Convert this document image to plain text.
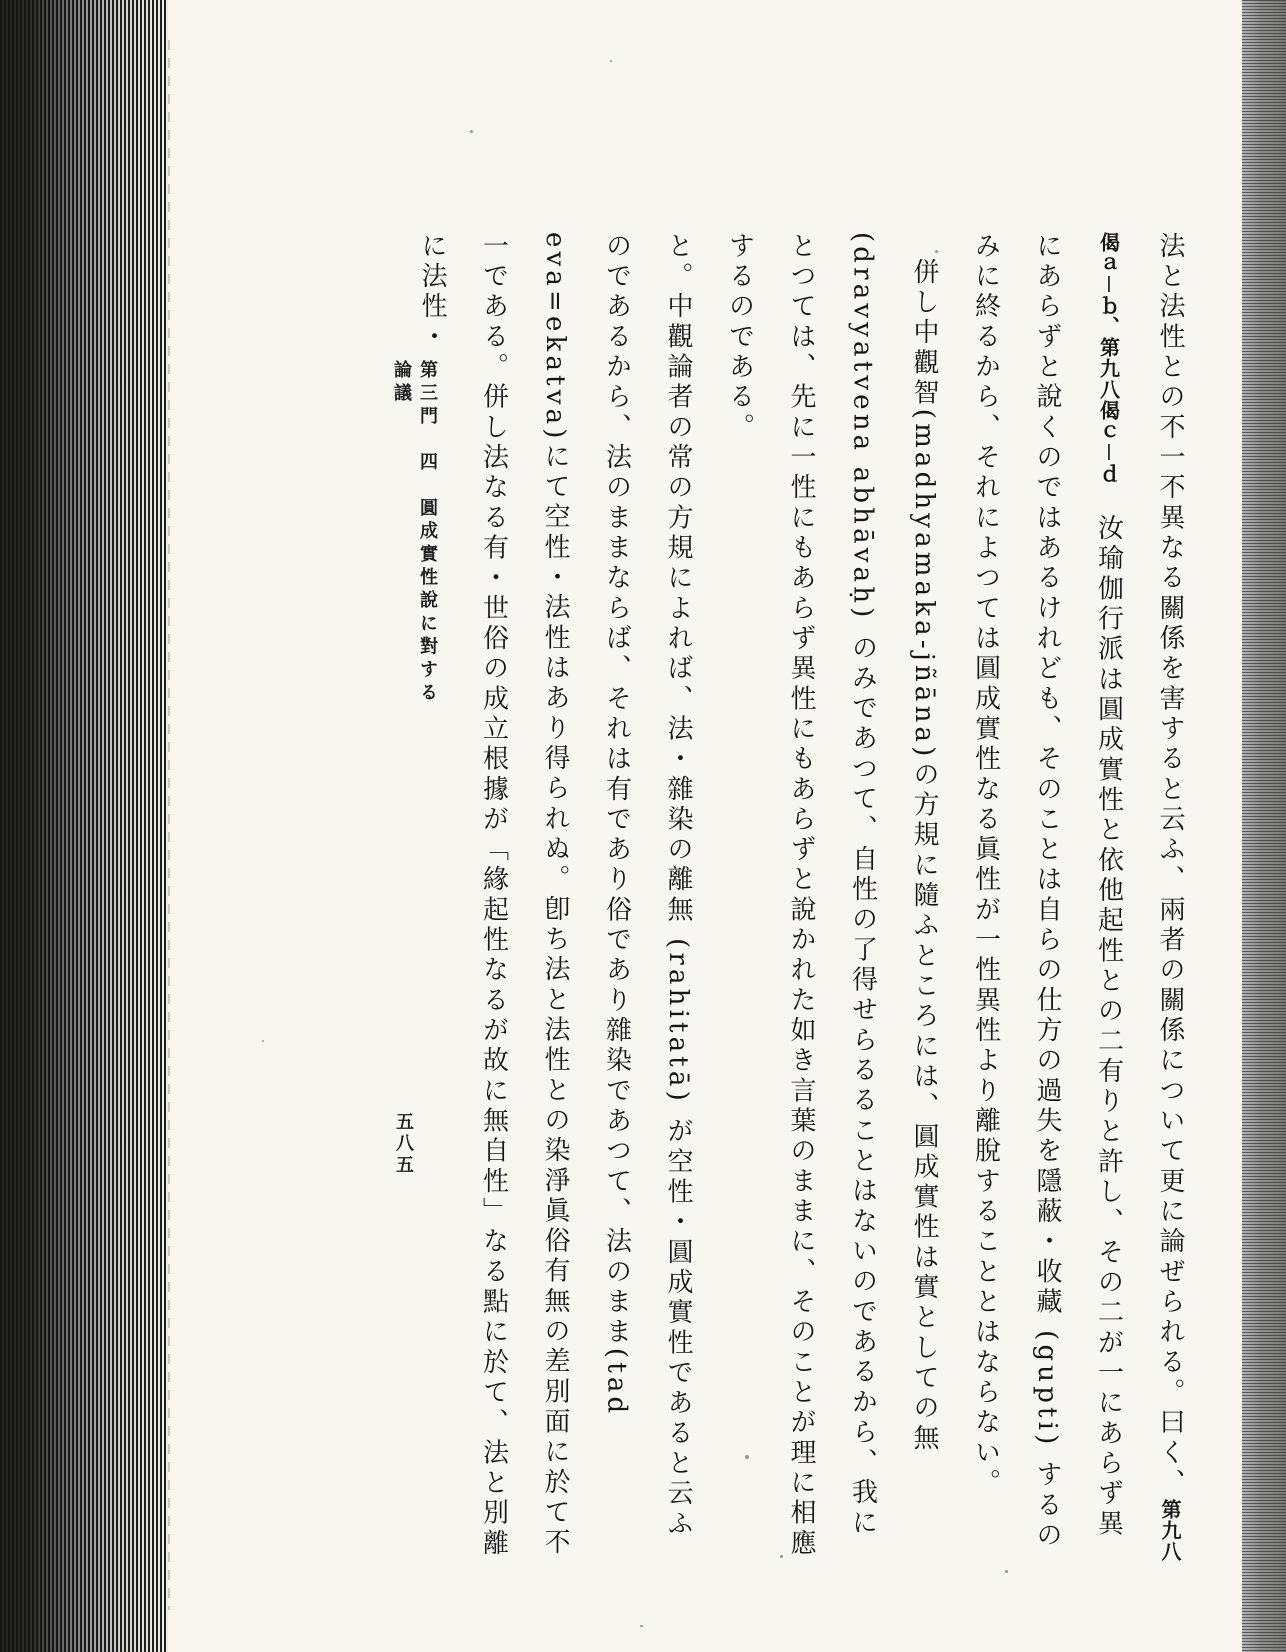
法と法性との不一不異なる關係を害すると云ふ、兩者の關係について更に論ぜられる。曰く、第九八偈ａ－ｂ、第九八偈ｃ－ｄ　汝瑜伽行派は圓成實性と依他起性との二有りと許し、その二が一にあらず異にあらずと說くのではあるけれども、そのことは自らの仕方の過失を隱蔽・收藏 (gupti) するのみに終るから、それによつては圓成實性なる眞性が一性異性より離脫することとはならない。

併し中觀智(madhyamaka-jñāna)の方規に隨ふところには、圓成實性は實としての無 (dravyatvena abhāvaḥ) のみであつて、自性の了得せらるることはないのであるから、我にとつては、先に一性にもあらず異性にもあらずと說かれた如き言葉のままに、そのことが理に相應するのである。

と。中觀論者の常の方規によれば、法・雜染の離無 (rahitatā) が空性・圓成實性であると云ふのであるから、法のままならば、それは有であり俗であり雜染であつて、法のまま(tad eva=ekatva)にて空性・法性はあり得られぬ。卽ち法と法性との染淨眞俗有無の差別面に於て不一である。併し法なる有・世俗の成立根據が「緣起性なるが故に無自性」なる點に於て、法と別離に法性・

第三門　四　圓成實性說に對する論議
五八五
